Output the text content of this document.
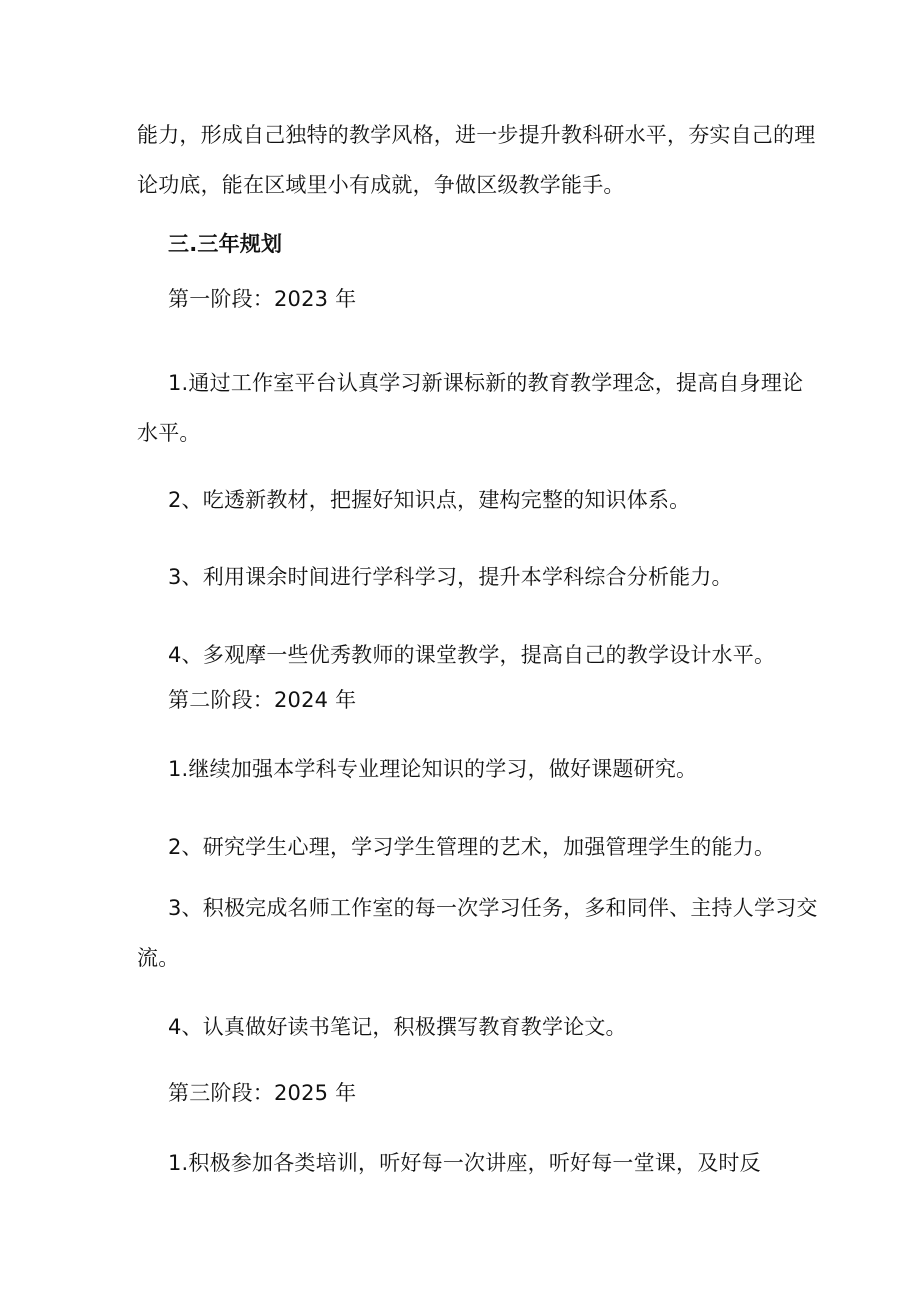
能力，形成自己独特的教学风格，进一步提升教科研水平，夯实自己的理
论功底，能在区域里小有成就，争做区级教学能手。
三.三年规划
第一阶段：2023 年
1.通过工作室平台认真学习新课标新的教育教学理念，提高自身理论
水平。
2、吃透新教材，把握好知识点，建构完整的知识体系。
3、利用课余时间进行学科学习，提升本学科综合分析能力。
4、多观摩一些优秀教师的课堂教学，提高自己的教学设计水平。
第二阶段：2024 年
1.继续加强本学科专业理论知识的学习，做好课题研究。
2、研究学生心理，学习学生管理的艺术，加强管理学生的能力。
3、积极完成名师工作室的每一次学习任务，多和同伴、主持人学习交
流。
4、认真做好读书笔记，积极撰写教育教学论文。
第三阶段：2025 年
1.积极参加各类培训，听好每一次讲座，听好每一堂课，及时反
